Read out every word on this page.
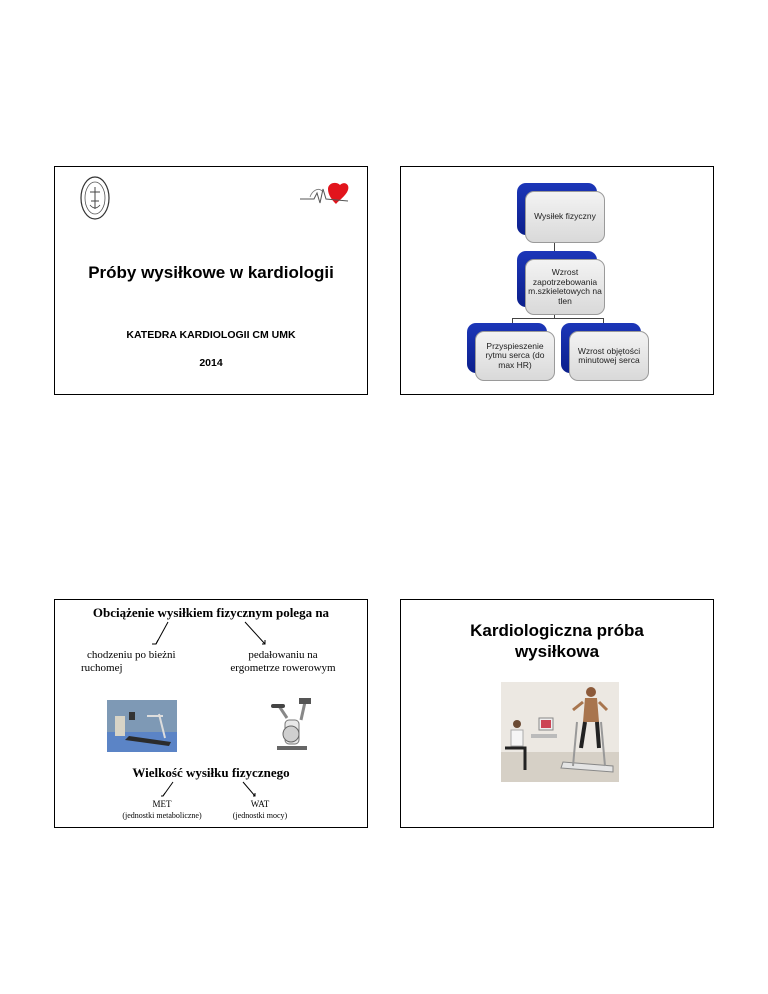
Próby wysiłkowe w kardiologii
KATEDRA KARDIOLOGII CM UMK
2014
Wysiłek fizyczny
Wzrost zapotrzebowania m.szkieletowych na tlen
Przyspieszenie rytmu serca (do max HR)
Wzrost objętości minutowej serca
Obciążenie wysiłkiem fizycznym polega na
chodzeniu po bieżni
ruchomej
pedałowaniu na
ergometrze rowerowym
Wielkość wysiłku fizycznego
MET
(jednostki metaboliczne)
WAT
(jednostki mocy)
Kardiologiczna próba
wysiłkowa
